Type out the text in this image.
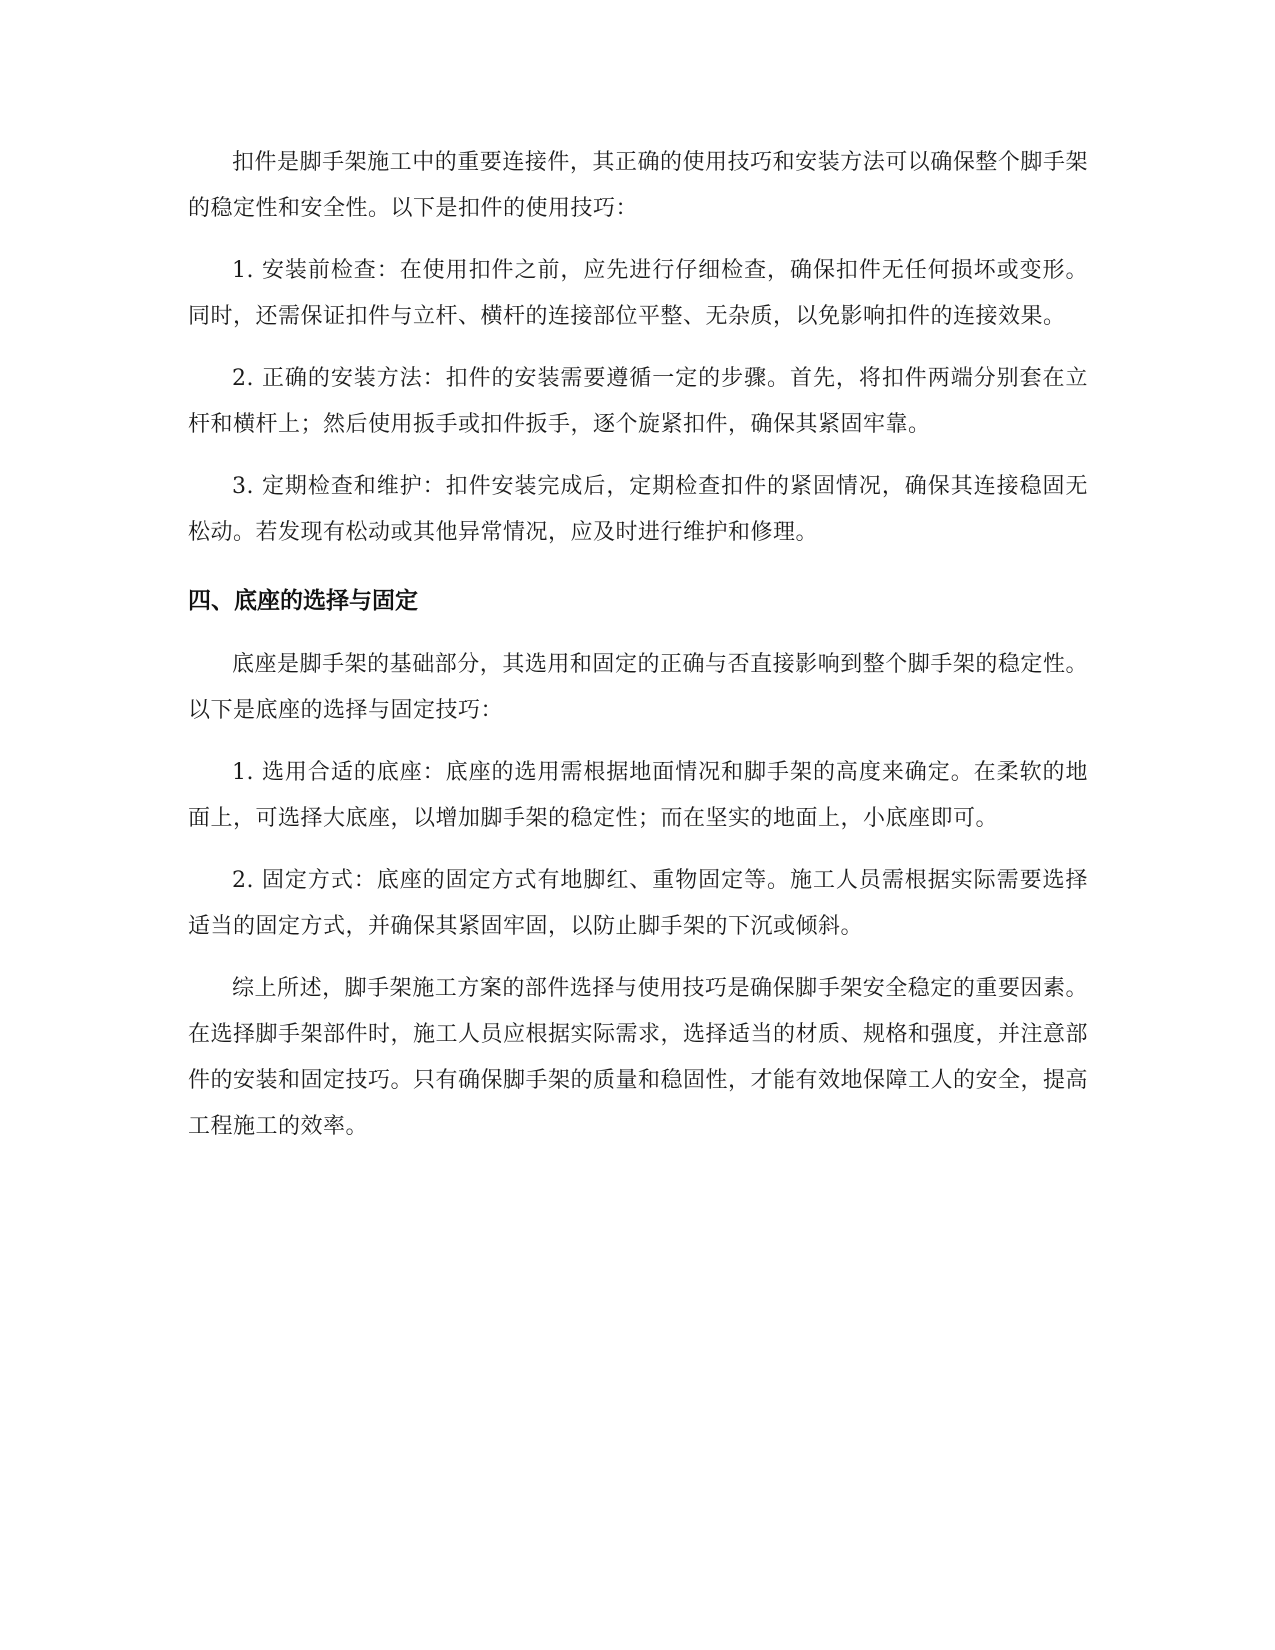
扣件是脚手架施工中的重要连接件，其正确的使用技巧和安装方法可以确保整个脚手架的稳定性和安全性。以下是扣件的使用技巧：

1. 安装前检查：在使用扣件之前，应先进行仔细检查，确保扣件无任何损坏或变形。同时，还需保证扣件与立杆、横杆的连接部位平整、无杂质，以免影响扣件的连接效果。

2. 正确的安装方法：扣件的安装需要遵循一定的步骤。首先，将扣件两端分别套在立杆和横杆上；然后使用扳手或扣件扳手，逐个旋紧扣件，确保其紧固牢靠。

3. 定期检查和维护：扣件安装完成后，定期检查扣件的紧固情况，确保其连接稳固无松动。若发现有松动或其他异常情况，应及时进行维护和修理。

四、底座的选择与固定

底座是脚手架的基础部分，其选用和固定的正确与否直接影响到整个脚手架的稳定性。以下是底座的选择与固定技巧：

1. 选用合适的底座：底座的选用需根据地面情况和脚手架的高度来确定。在柔软的地面上，可选择大底座，以增加脚手架的稳定性；而在坚实的地面上，小底座即可。

2. 固定方式：底座的固定方式有地脚红、重物固定等。施工人员需根据实际需要选择适当的固定方式，并确保其紧固牢固，以防止脚手架的下沉或倾斜。

综上所述，脚手架施工方案的部件选择与使用技巧是确保脚手架安全稳定的重要因素。在选择脚手架部件时，施工人员应根据实际需求，选择适当的材质、规格和强度，并注意部件的安装和固定技巧。只有确保脚手架的质量和稳固性，才能有效地保障工人的安全，提高工程施工的效率。
